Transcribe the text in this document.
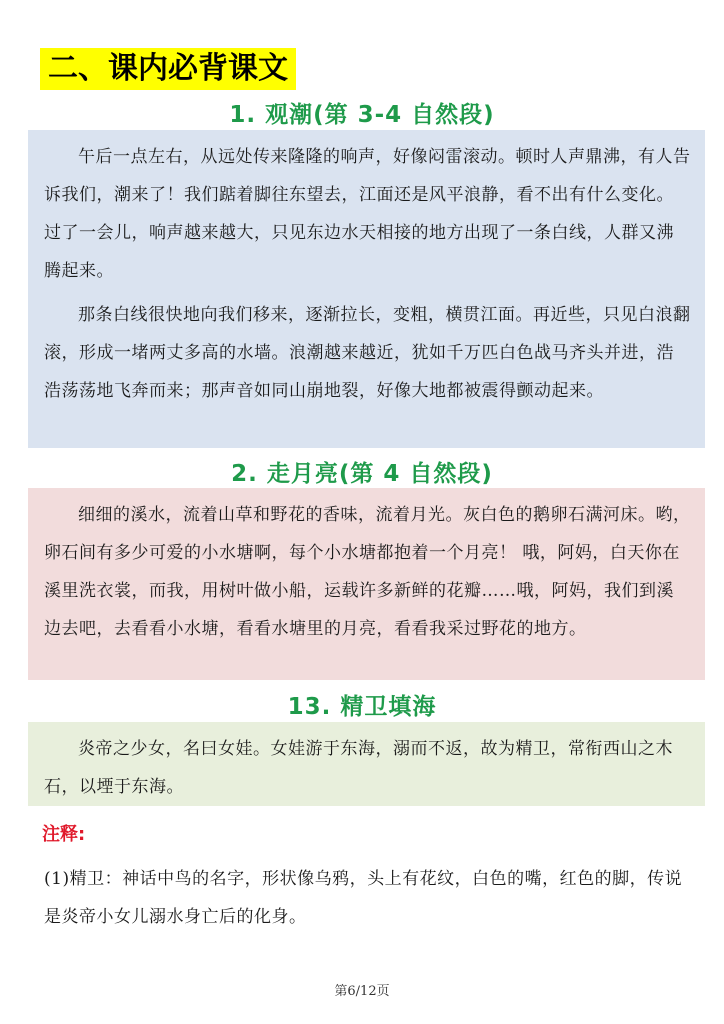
二、课内必背课文
1. 观潮(第 3-4 自然段)

午后一点左右，从远处传来隆隆的响声，好像闷雷滚动。顿时人声鼎沸，有人告诉我们，潮来了！我们踮着脚往东望去，江面还是风平浪静，看不出有什么变化。过了一会儿，响声越来越大，只见东边水天相接的地方出现了一条白线，人群又沸腾起来。

那条白线很快地向我们移来，逐渐拉长，变粗，横贯江面。再近些，只见白浪翻滚，形成一堵两丈多高的水墙。浪潮越来越近，犹如千万匹白色战马齐头并进，浩浩荡荡地飞奔而来；那声音如同山崩地裂，好像大地都被震得颤动起来。

2. 走月亮(第 4 自然段)

细细的溪水，流着山草和野花的香味，流着月光。灰白色的鹅卵石满河床。哟， 卵石间有多少可爱的小水塘啊，每个小水塘都抱着一个月亮！ 哦，阿妈，白天你在溪里洗衣裳，而我，用树叶做小船，运载许多新鲜的花瓣……哦，阿妈，我们到溪边去吧，去看看小水塘，看看水塘里的月亮，看看我采过野花的地方。

13. 精卫填海

炎帝之少女，名曰女娃。女娃游于东海，溺而不返，故为精卫，常衔西山之木石，以堙于东海。

注释:

(1)精卫：神话中鸟的名字，形状像乌鸦，头上有花纹，白色的嘴，红色的脚，传说是炎帝小女儿溺水身亡后的化身。

第6/12页
